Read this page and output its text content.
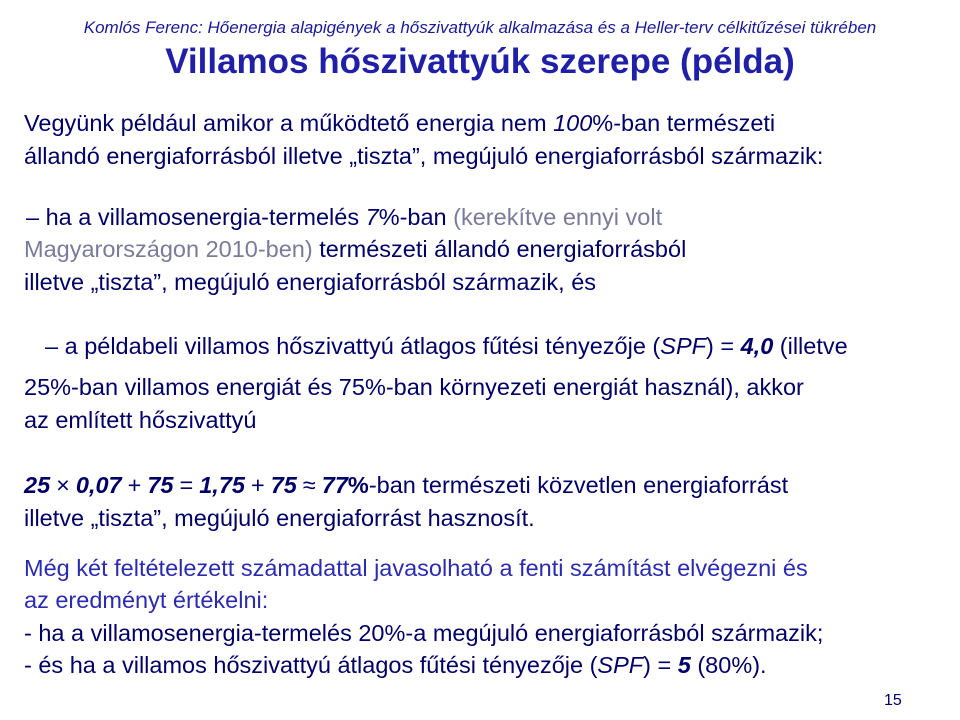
Komlós Ferenc: Hőenergia alapigények a hőszivattyúk alkalmazása és a Heller-terv célkitűzései tükrében
Villamos hőszivattyúk szerepe (példa)
Vegyünk például amikor a működtető energia nem 100%-ban természeti
állandó energiaforrásból illetve „tiszta”, megújuló energiaforrásból származik:
– ha a villamosenergia-termelés 7%-ban (kerekítve ennyi volt
Magyarországon 2010-ben) természeti állandó energiaforrásból
illetve „tiszta”, megújuló energiaforrásból származik, és
– a példabeli villamos hőszivattyú átlagos fűtési tényezője (SPF) = 4,0 (illetve
25%-ban villamos energiát és 75%-ban környezeti energiát használ), akkor
az említett hőszivattyú
25 × 0,07 + 75 = 1,75 + 75 ≈ 77%-ban természeti közvetlen energiaforrást
illetve „tiszta”, megújuló energiaforrást hasznosít.
Még két feltételezett számadattal javasolható a fenti számítást elvégezni és
az eredményt értékelni:
- ha a villamosenergia-termelés 20%-a megújuló energiaforrásból származik;
- és ha a villamos hőszivattyú átlagos fűtési tényezője (SPF) = 5 (80%).
15
